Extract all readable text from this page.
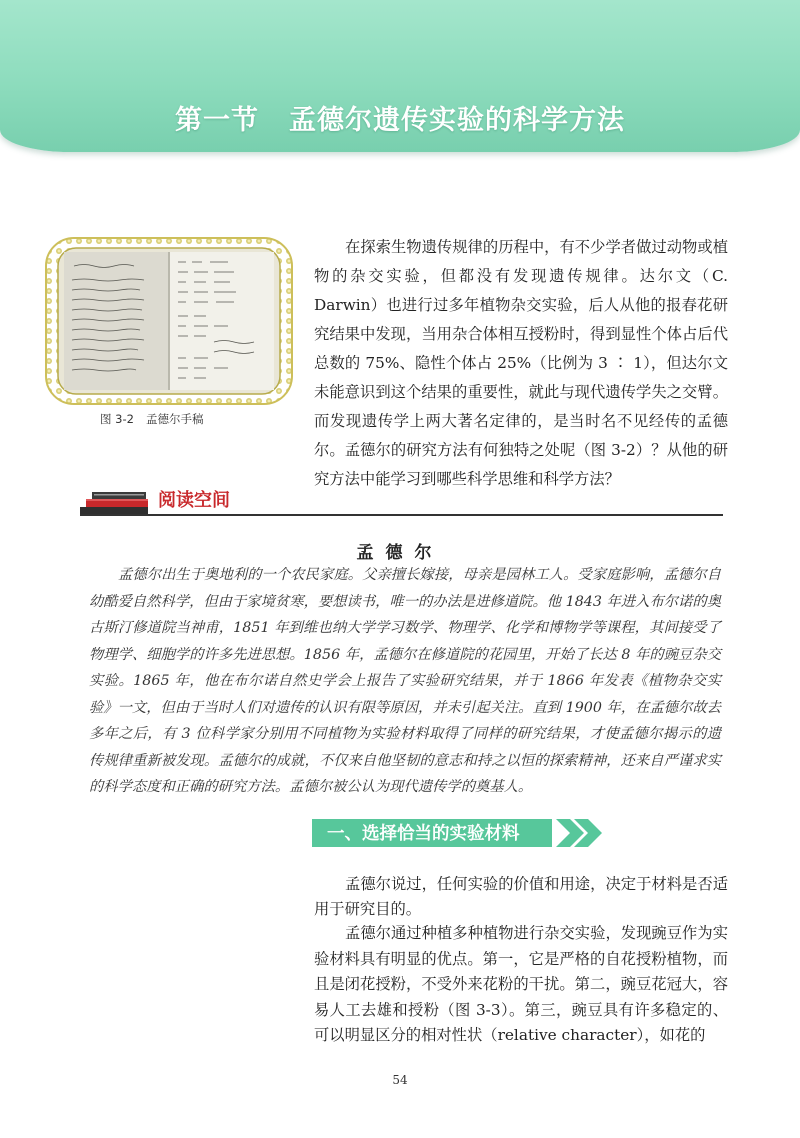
第一节 孟德尔遗传实验的科学方法
图 3-2 孟德尔手稿

在探索生物遗传规律的历程中，有不少学者做过动物或植物的杂交实验，但都没有发现遗传规律。达尔文（C. Darwin）也进行过多年植物杂交实验，后人从他的报春花研究结果中发现，当用杂合体相互授粉时，得到显性个体占后代总数的 75%、隐性个体占 25%（比例为 3 ∶ 1），但达尔文未能意识到这个结果的重要性，就此与现代遗传学失之交臂。而发现遗传学上两大著名定律的，是当时名不见经传的孟德尔。孟德尔的研究方法有何独特之处呢（图 3-2）？从他的研究方法中能学习到哪些科学思维和科学方法？

阅读空间
孟德尔

孟德尔出生于奥地利的一个农民家庭。父亲擅长嫁接，母亲是园林工人。受家庭影响，孟德尔自幼酷爱自然科学，但由于家境贫寒，要想读书，唯一的办法是进修道院。他 1843 年进入布尔诺的奥古斯汀修道院当神甫，1851 年到维也纳大学学习数学、物理学、化学和博物学等课程，其间接受了物理学、细胞学的许多先进思想。1856 年，孟德尔在修道院的花园里，开始了长达 8 年的豌豆杂交实验。1865 年，他在布尔诺自然史学会上报告了实验研究结果，并于 1866 年发表《植物杂交实验》一文，但由于当时人们对遗传的认识有限等原因，并未引起关注。直到 1900 年，在孟德尔故去多年之后，有 3 位科学家分别用不同植物为实验材料取得了同样的研究结果，才使孟德尔揭示的遗传规律重新被发现。孟德尔的成就，不仅来自他坚韧的意志和持之以恒的探索精神，还来自严谨求实的科学态度和正确的研究方法。孟德尔被公认为现代遗传学的奠基人。

一、选择恰当的实验材料

孟德尔说过，任何实验的价值和用途，决定于材料是否适用于研究目的。

孟德尔通过种植多种植物进行杂交实验，发现豌豆作为实验材料具有明显的优点。第一，它是严格的自花授粉植物，而且是闭花授粉，不受外来花粉的干扰。第二，豌豆花冠大，容易人工去雄和授粉（图 3-3）。第三，豌豆具有许多稳定的、可以明显区分的相对性状（relative character），如花的

54
